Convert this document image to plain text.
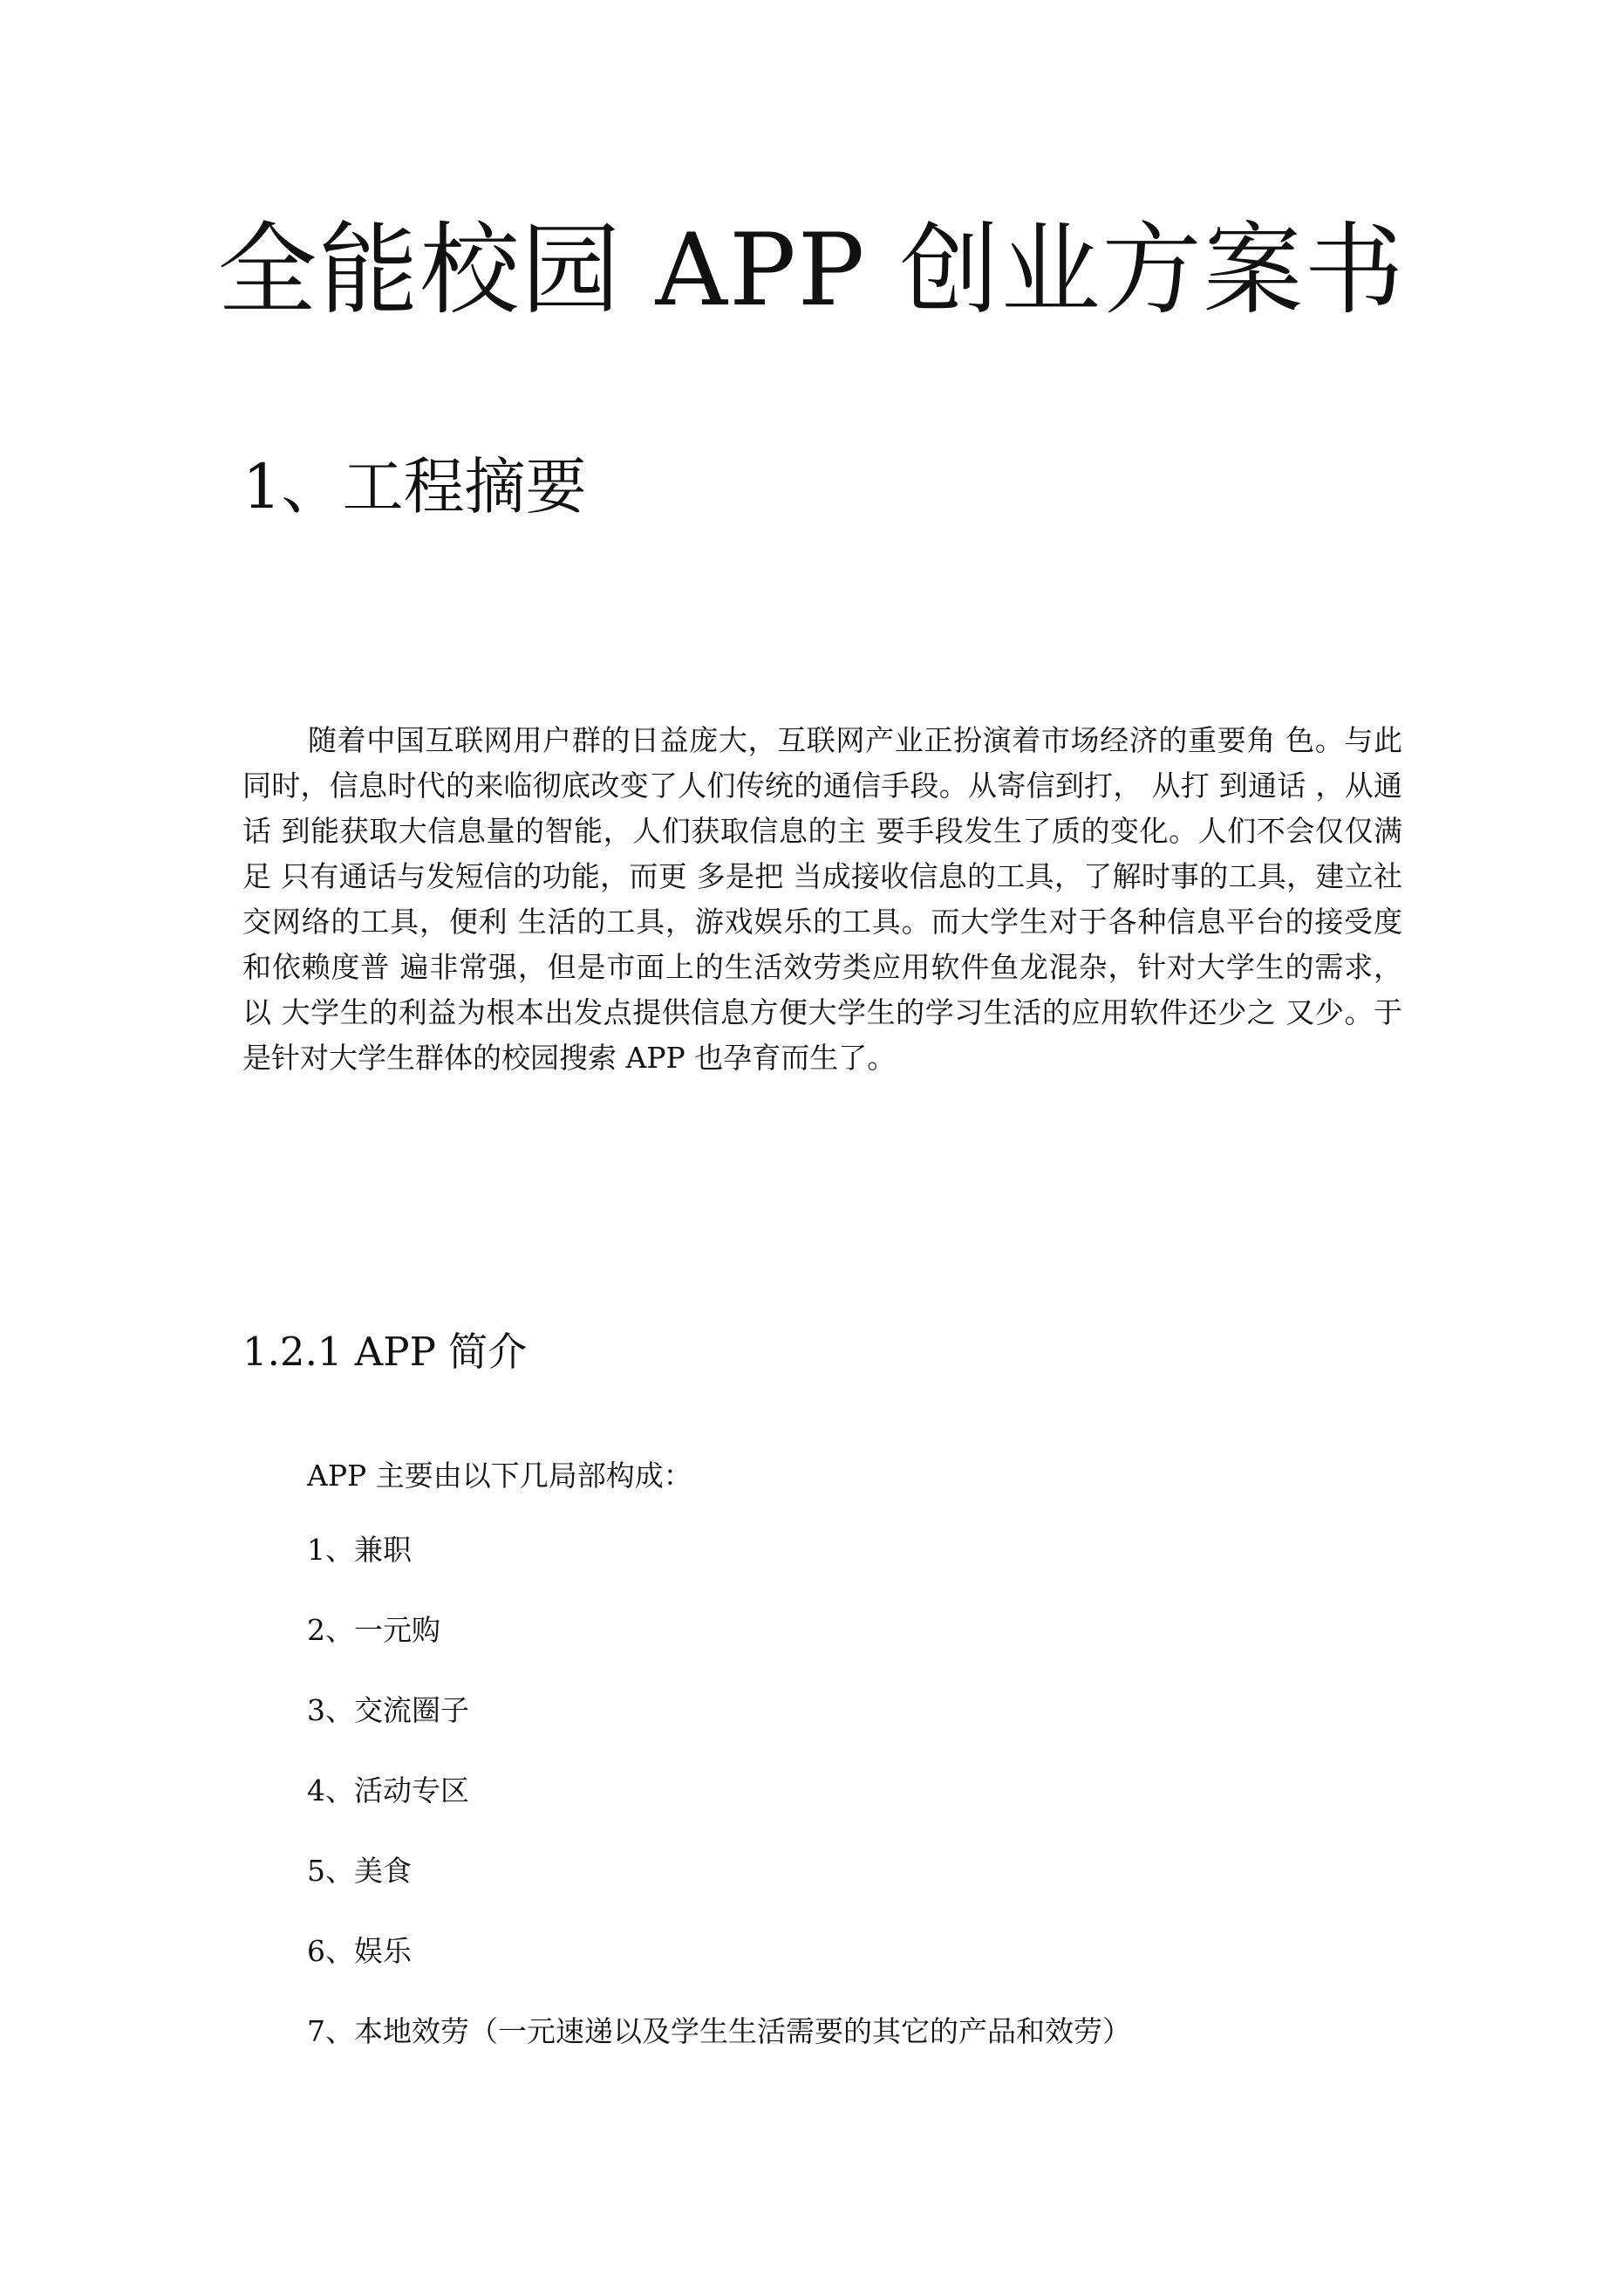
全能校园 APP 创业方案书
1、工程摘要

随着中国互联网用户群的日益庞大，互联网产业正扮演着市场经济的重要角 色。与此同时，信息时代的来临彻底改变了人们传统的通信手段。从寄信到打， 从打 到通话 ，从通话 到能获取大信息量的智能，人们获取信息的主 要手段发生了质的变化。人们不会仅仅满足 只有通话与发短信的功能，而更 多是把 当成接收信息的工具，了解时事的工具，建立社交网络的工具，便利 生活的工具，游戏娱乐的工具。而大学生对于各种信息平台的接受度和依赖度普 遍非常强，但是市面上的生活效劳类应用软件鱼龙混杂，针对大学生的需求，以 大学生的利益为根本出发点提供信息方便大学生的学习生活的应用软件还少之 又少。于是针对大学生群体的校园搜索 APP 也孕育而生了。

1.2.1 APP 简介

APP 主要由以下几局部构成：

1、兼职
2、一元购
3、交流圈子
4、活动专区
5、美食
6、娱乐
7、本地效劳（一元速递以及学生生活需要的其它的产品和效劳）
